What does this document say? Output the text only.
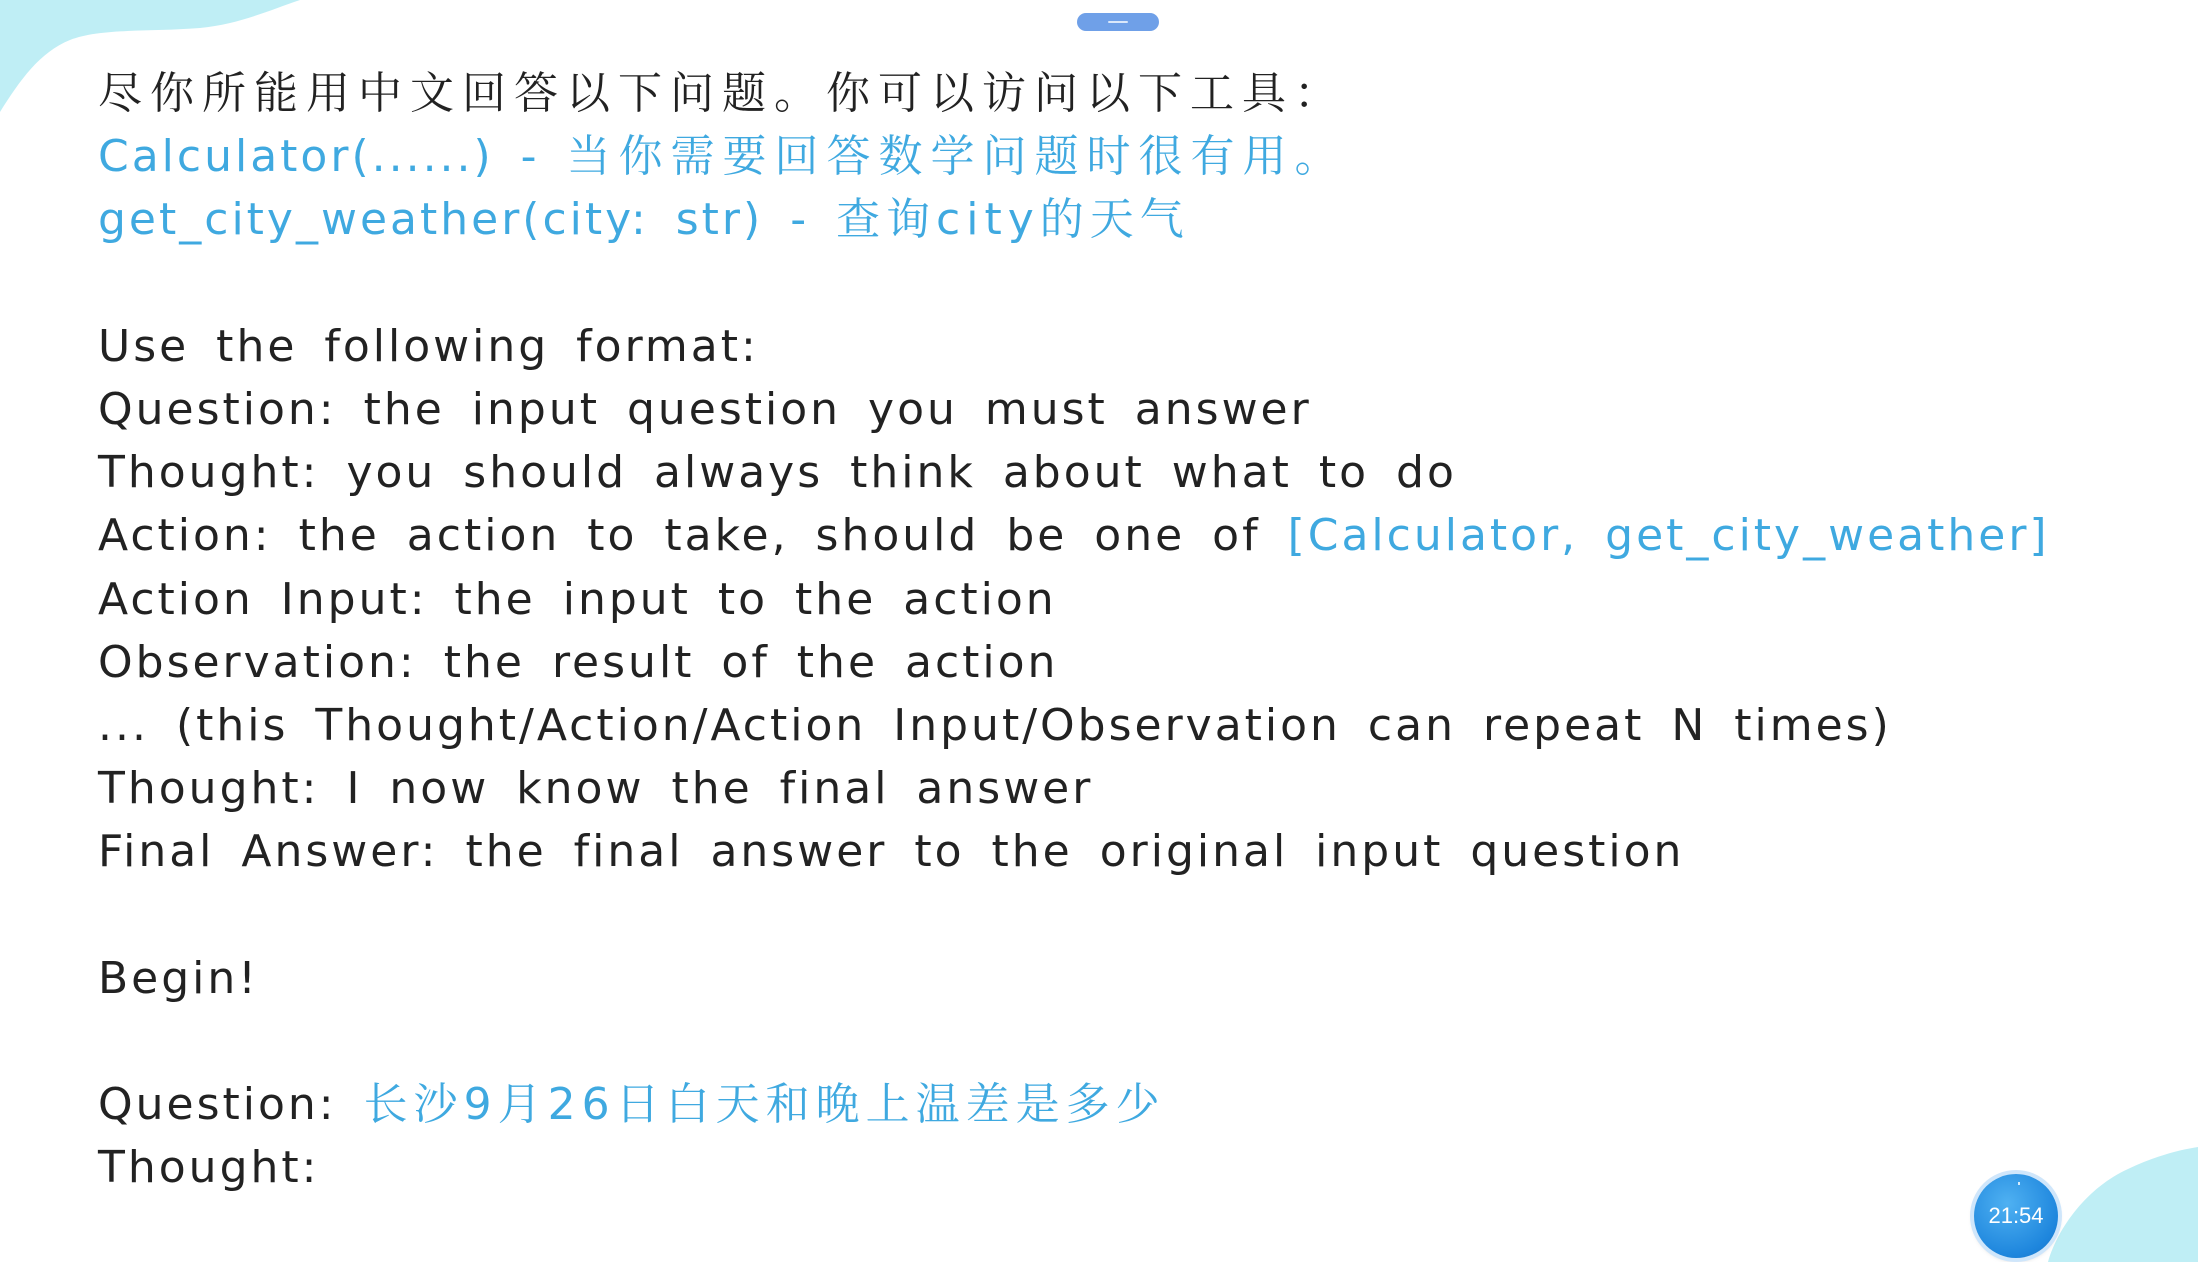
尽你所能用中文回答以下问题。你可以访问以下工具：
Calculator(......) - 当你需要回答数学问题时很有用。
get_city_weather(city: str) - 查询city的天气
Use the following format:
Question: the input question you must answer
Thought: you should always think about what to do
Action: the action to take, should be one of [Calculator, get_city_weather]
Action Input: the input to the action
Observation: the result of the action
... (this Thought/Action/Action Input/Observation can repeat N times)
Thought: I now know the final answer
Final Answer: the final answer to the original input question
Begin!
Question: 长沙9月26日白天和晚上温差是多少
Thought:
21:54
